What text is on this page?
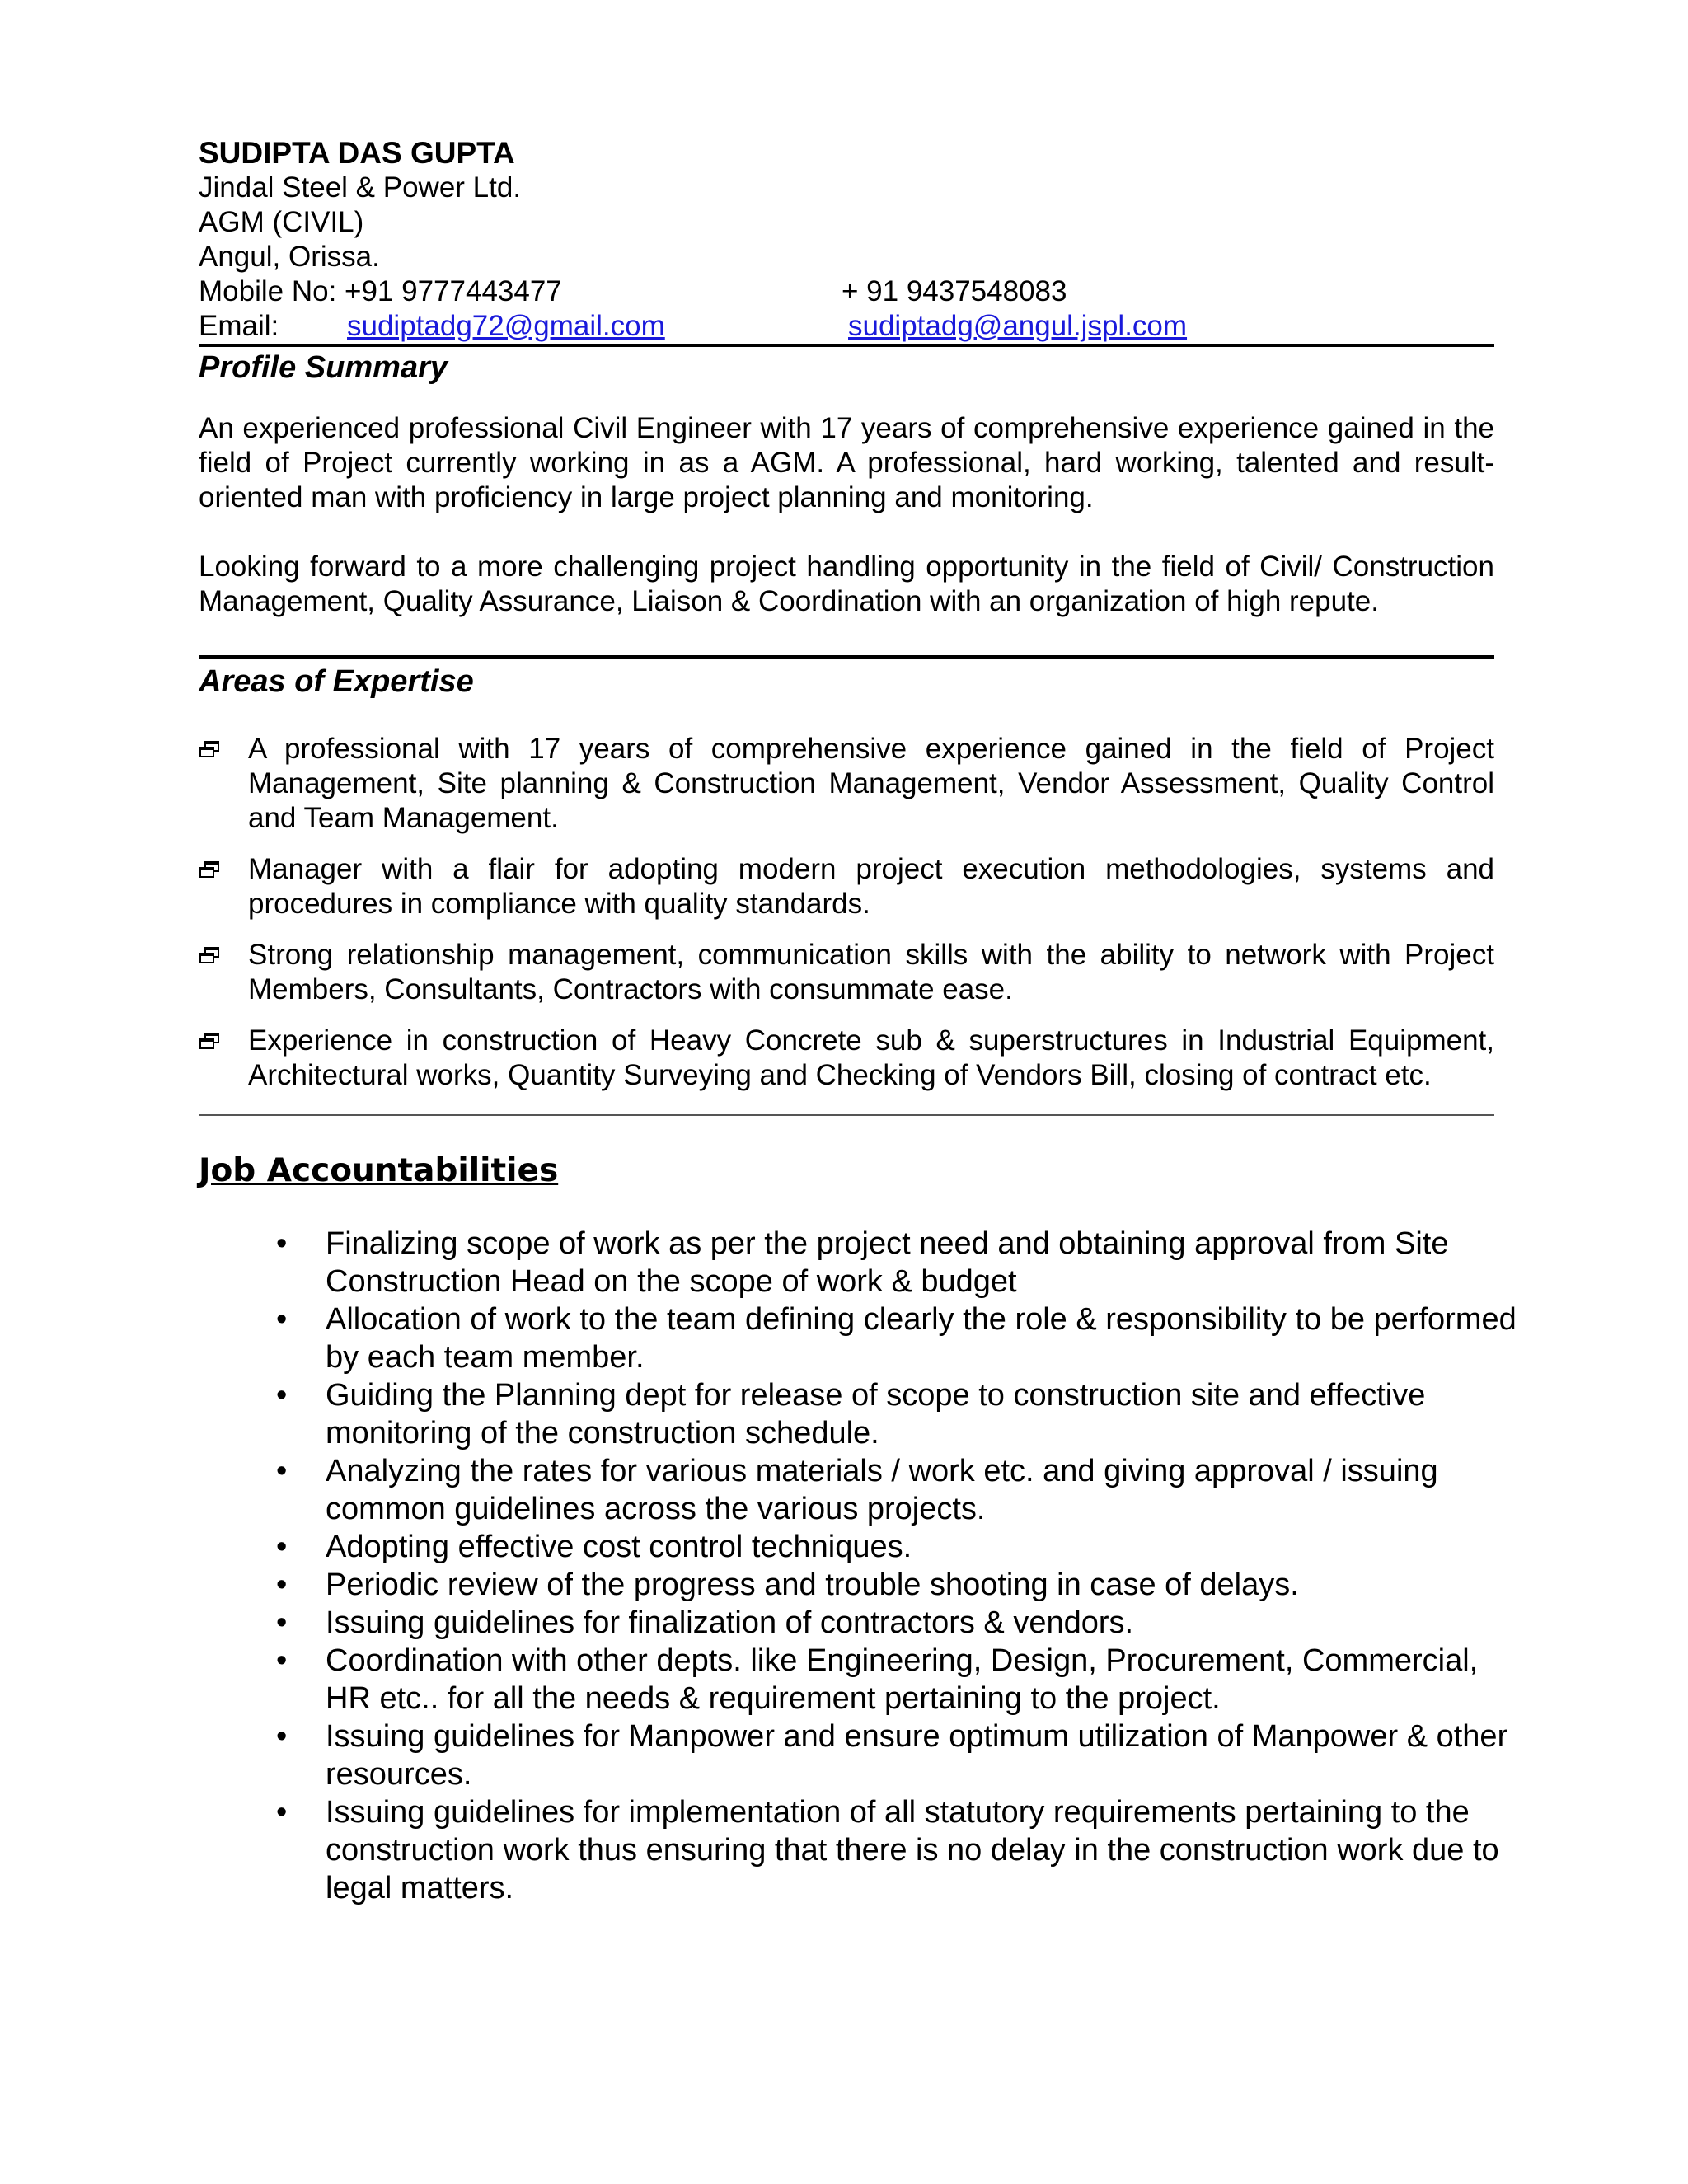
SUDIPTA DAS GUPTA
Jindal Steel & Power Ltd.
AGM (CIVIL)
Angul, Orissa.
Mobile No: +91 9777443477	+ 91 9437548083
Email: sudiptadg72@gmail.com	sudiptadg@angul.jspl.com
Profile Summary
An experienced professional Civil Engineer with 17 years of comprehensive experience gained in the field of Project currently working in as a AGM. A professional, hard working, talented and result-oriented man with proficiency in large project planning and monitoring.
Looking forward to a more challenging project handling opportunity in the field of Civil/ Construction Management, Quality Assurance, Liaison & Coordination with an organization of high repute.
Areas of Expertise
A professional with 17 years of comprehensive experience gained in the field of Project Management, Site planning & Construction Management, Vendor Assessment, Quality Control and Team Management.
Manager with a flair for adopting modern project execution methodologies, systems and procedures in compliance with quality standards.
Strong relationship management, communication skills with the ability to network with Project Members, Consultants, Contractors with consummate ease.
Experience in construction of Heavy Concrete sub & superstructures in Industrial Equipment, Architectural works, Quantity Surveying and Checking of Vendors Bill, closing of contract etc.
Job Accountabilities
• Finalizing scope of work as per the project need and obtaining approval from Site Construction Head on the scope of work & budget
• Allocation of work to the team defining clearly the role & responsibility to be performed by each team member.
• Guiding the Planning dept for release of scope to construction site and effective monitoring of the construction schedule.
• Analyzing the rates for various materials / work etc. and giving approval / issuing common guidelines across the various projects.
• Adopting effective cost control techniques.
• Periodic review of the progress and trouble shooting in case of delays.
• Issuing guidelines for finalization of contractors & vendors.
• Coordination with other depts. like Engineering, Design, Procurement, Commercial, HR etc.. for all the needs & requirement pertaining to the project.
• Issuing guidelines for Manpower and ensure optimum utilization of Manpower & other resources.
• Issuing guidelines for implementation of all statutory requirements pertaining to the construction work thus ensuring that there is no delay in the construction work due to legal matters.
